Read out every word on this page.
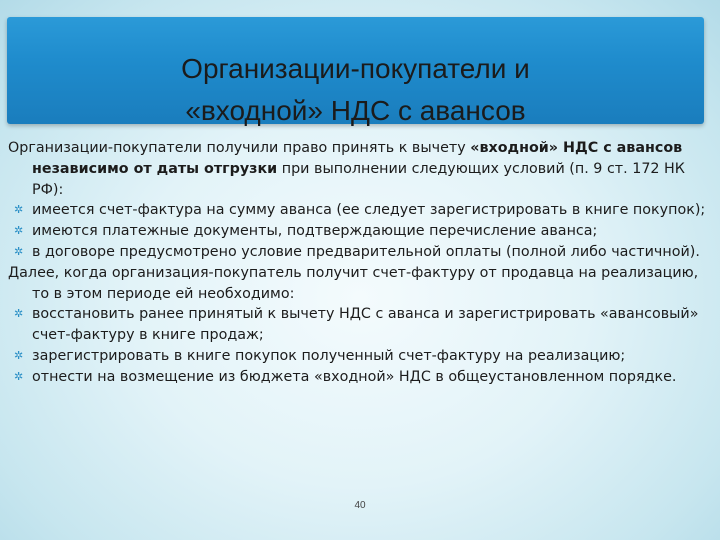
Организации-покупатели и
«входной» НДС с авансов

Организации-покупатели получили право принять к вычету «входной» НДС с авансов независимо от даты отгрузки при выполнении следующих условий (п. 9 ст. 172 НК РФ):

✲ имеется счет-фактура на сумму аванса (ее следует зарегистрировать в книге покупок);

✲ имеются платежные документы, подтверждающие перечисление аванса;

✲ в договоре предусмотрено условие предварительной оплаты (полной либо частичной).

Далее, когда организация-покупатель получит счет-фактуру от продавца на реализацию, то в этом периоде ей необходимо:

✲ восстановить ранее принятый к вычету НДС с аванса и зарегистрировать «авансовый» счет-фактуру в книге продаж;

✲ зарегистрировать в книге покупок полученный счет-фактуру на реализацию;

✲ отнести на возмещение из бюджета «входной» НДС в общеустановленном порядке.

40
